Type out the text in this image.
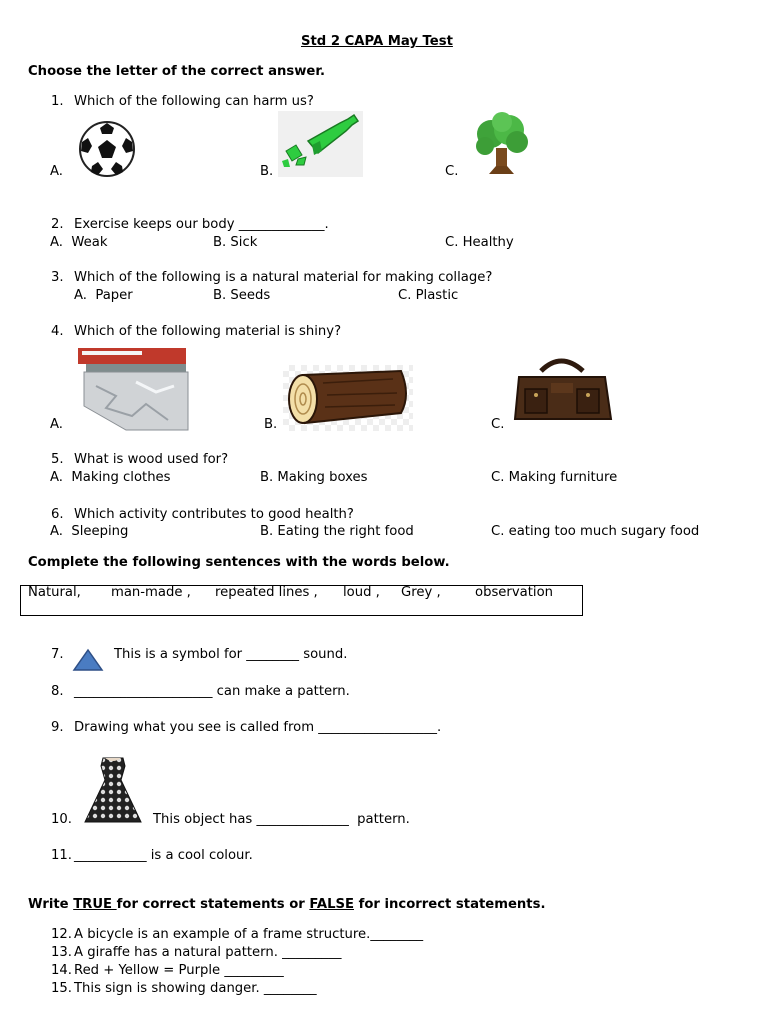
Std 2 CAPA May Test
Choose the letter of the correct answer.
1. Which of the following can harm us?
A.	B.	C.
2. Exercise keeps our body _____________.
A.  Weak	B. Sick	C. Healthy
3. Which of the following is a natural material for making collage?
A.  Paper	B. Seeds	C. Plastic
4. Which of the following material is shiny?
A.	B.	C.
5. What is wood used for?
A.  Making clothes	B. Making boxes	C. Making furniture
6. Which activity contributes to good health?
A.  Sleeping	B. Eating the right food	C. eating too much sugary food
Complete the following sentences with the words below.
Natural, man-made , repeated lines , loud , Grey ,	observation
7.	This is a symbol for ________ sound.
8. _____________________ can make a pattern.
9. Drawing what you see is called from __________________.
10.	This object has ______________  pattern.
11. ___________ is a cool colour.
Write TRUE for correct statements or FALSE for incorrect statements.
12. A bicycle is an example of a frame structure.________
13. A giraffe has a natural pattern. _________
14. Red + Yellow = Purple _________
15. This sign is showing danger. ________
